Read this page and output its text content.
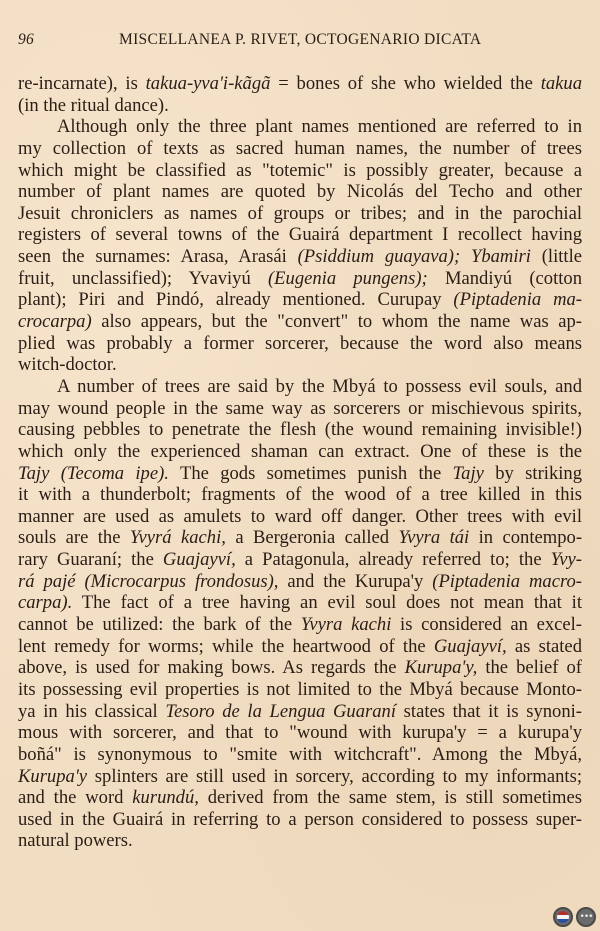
96	MISCELLANEA P. RIVET, OCTOGENARIO DICATA
re-incarnate), is takua-yva'i-kãgã = bones of she who wielded the takua
(in the ritual dance).
Although only the three plant names mentioned are referred to in
my collection of texts as sacred human names, the number of trees
which might be classified as "totemic" is possibly greater, because a
number of plant names are quoted by Nicolás del Techo and other
Jesuit chroniclers as names of groups or tribes; and in the parochial
registers of several towns of the Guairá department I recollect having
seen the surnames: Arasa, Arasái (Psiddium guayava); Ybamiri (little
fruit, unclassified); Yvaviyú (Eugenia pungens); Mandiyú (cotton
plant); Piri and Pindó, already mentioned. Curupay (Piptadenia ma-
crocarpa) also appears, but the "convert" to whom the name was ap-
plied was probably a former sorcerer, because the word also means
witch-doctor.
A number of trees are said by the Mbyá to possess evil souls, and
may wound people in the same way as sorcerers or mischievous spirits,
causing pebbles to penetrate the flesh (the wound remaining invisible!)
which only the experienced shaman can extract. One of these is the
Tajy (Tecoma ipe). The gods sometimes punish the Tajy by striking
it with a thunderbolt; fragments of the wood of a tree killed in this
manner are used as amulets to ward off danger. Other trees with evil
souls are the Yvyrá kachi, a Bergeronia called Yvyra tái in contempo-
rary Guaraní; the Guajayví, a Patagonula, already referred to; the Yvy-
rá pajé (Microcarpus frondosus), and the Kurupa'y (Piptadenia macro-
carpa). The fact of a tree having an evil soul does not mean that it
cannot be utilized: the bark of the Yvyra kachi is considered an excel-
lent remedy for worms; while the heartwood of the Guajayví, as stated
above, is used for making bows. As regards the Kurupa'y, the belief of
its possessing evil properties is not limited to the Mbyá because Monto-
ya in his classical Tesoro de la Lengua Guaraní states that it is synoni-
mous with sorcerer, and that to "wound with kurupa'y = a kurupa'y
boñá" is synonymous to "smite with witchcraft". Among the Mbyá,
Kurupa'y splinters are still used in sorcery, according to my informants;
and the word kurundú, derived from the same stem, is still sometimes
used in the Guairá in referring to a person considered to possess super-
natural powers.
•••
